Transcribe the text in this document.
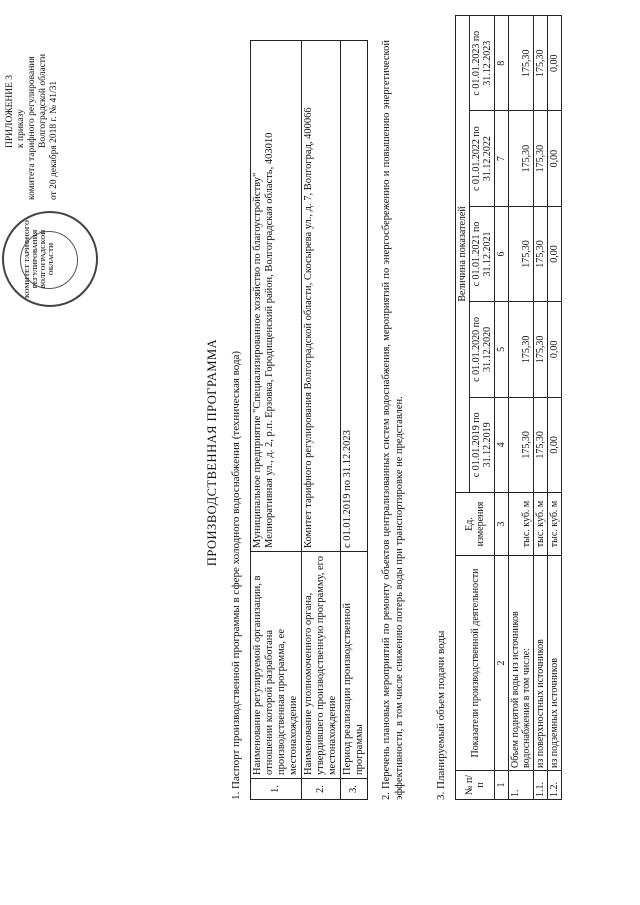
ПРИЛОЖЕНИЕ 3 к приказу комитета тарифного регулирования Волгоградской области от 20 декабря 2018 г. № 41/31
КОМИТЕТ ТАРИФНОГО РЕГУЛИРОВАНИЯ ВОЛГОГРАДСКОЙ ОБЛАСТИ
ПРОИЗВОДСТВЕННАЯ ПРОГРАММА 1. Паспорт производственной программы в сфере холодного водоснабжения (техническая вода)	1.	Наименование регулируемой организации, в отношении которой разработана производственная программа, ее местонахождение	Муниципальное предприятие "Специализированное хозяйство по благоустройству" Мелиоративная ул., д. 2, р.п. Ерзовка, Городищенский район, Волгоградская область, 403010

2.	Наименование уполномоченного органа, утвердившего производственную программу, его местонахождение	Комитет тарифного регулирования Волгоградской области, Скосырева ул., д. 7, Волгоград, 400066

3.	Период реализации производственной программы	с 01.01.2019 по 31.12.2023	2. Перечень плановых мероприятий по ремонту объектов централизованных систем водоснабжения, мероприятий по энергосбережению и повышению энергетической эффективности, в том числе снижению потерь воды при транспортировке не представлен.	3. Планируемый объем подачи воды № п/п	Показатели производственной деятельности	Ед. измерения	Величина показателей				
			с 01.01.2019 по 31.12.2019	с 01.01.2020 по 31.12.2020	с 01.01.2021 по 31.12.2021	с 01.01.2022 по 31.12.2022	с 01.01.2023 по 31.12.2023
1	2	3	4	5	6	7	8
1.	Объем поднятой воды из источников водоснабжения в том числе:	тыс. куб. м	175,30	175,30	175,30	175,30	175,30
1.1.	из поверхностных источников	тыс. куб. м	175,30	175,30	175,30	175,30	175,30
1.2.	из подземных источников	тыс. куб. м	0,00	0,00	0,00	0,00	0,00
